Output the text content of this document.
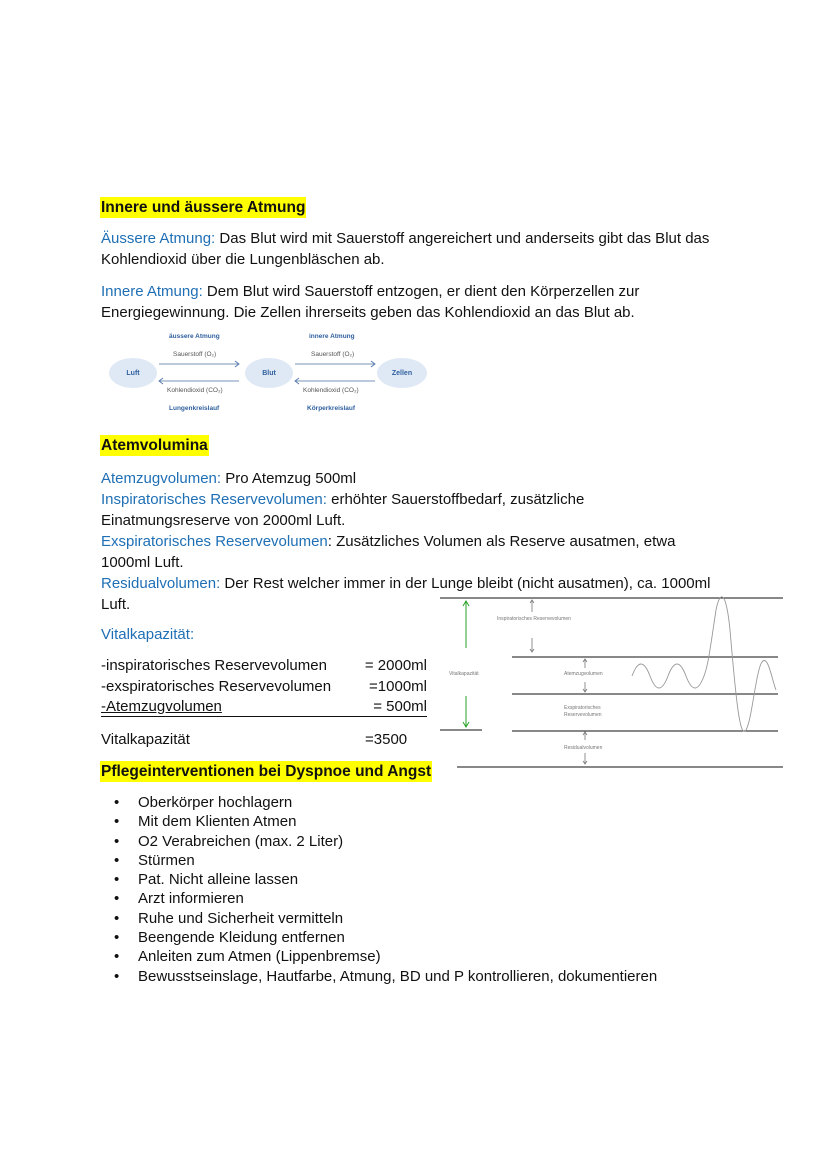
Innere und äussere Atmung
Äussere Atmung: Das Blut wird mit Sauerstoff angereichert und anderseits gibt das Blut das Kohlendioxid über die Lungenbläschen ab.
Innere Atmung: Dem Blut wird Sauerstoff entzogen, er dient den Körperzellen zur Energiegewinnung. Die Zellen ihrerseits geben das Kohlendioxid an das Blut ab.
Luft	Blut	Zellen
äussere Atmung	innere Atmung
Sauerstoff (O₂)	Sauerstoff (O₂)
Kohlendioxid (CO₂)	Kohlendioxid (CO₂)
Lungenkreislauf	Körperkreislauf
Atemvolumina
Atemzugvolumen: Pro Atemzug 500ml
Inspiratorisches Reservevolumen: erhöhter Sauerstoffbedarf, zusätzliche Einatmungsreserve von 2000ml Luft.
Exspiratorisches Reservevolumen: Zusätzliches Volumen als Reserve ausatmen, etwa 1000ml Luft.
Residualvolumen: Der Rest welcher immer in der Lunge bleibt (nicht ausatmen), ca. 1000ml Luft.
Vitalkapazität:
-inspiratorisches Reservevolumen	= 2000ml
-exspiratorisches Reservevolumen	=1000ml
-Atemzugvolumen	= 500ml
Vitalkapazität	=3500
Vitalkapazität
Inspiratorisches Reservevolumen
Atemzugvolumen
Exspiratorisches
Reservevolumen
Residualvolumen
Pflegeinterventionen bei Dyspnoe und Angst
• Oberkörper hochlagern
• Mit dem Klienten Atmen
• O2 Verabreichen (max. 2 Liter)
• Stürmen
• Pat. Nicht alleine lassen
• Arzt informieren
• Ruhe und Sicherheit vermitteln
• Beengende Kleidung entfernen
• Anleiten zum Atmen (Lippenbremse)
• Bewusstseinslage, Hautfarbe, Atmung, BD und P kontrollieren, dokumentieren
